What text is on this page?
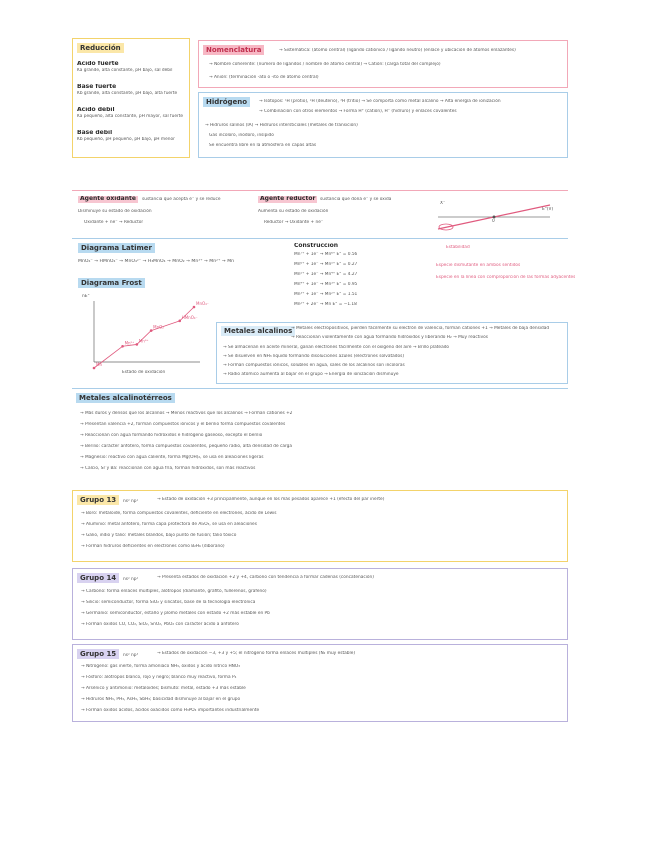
Reducción
Ácido fuerte
Ka grande, alta constante, pH bajo, sal débil
Base fuerte
Kb grande, alta constante, pH bajo, alta fuerte
Ácido débil
Ka pequeño, alta constante, pH mayor, sal fuerte
Base débil
Kb pequeño, pH pequeño, pH bajo, pH menor
Nomenclatura	→ Sistemática: (átomo central) (ligando catiónico / ligando neutro) (enlace y ubicación de átomos enlazantes)
→ Nombre coherente: (número de ligandos / nombre de átomo central) → Catión: (carga total del complejo)
→ Anión: (terminación -ato o -ito de átomo central)
Hidrógeno	→ Isótopos: ¹H (protio), ²H (deuterio), ³H (tritio) → Se comporta como metal alcalino → Alta energía de ionización
→ Combinación con otros elementos → Forma H⁺ (catión), H⁻ (hidruro) y enlaces covalentes
→ Hidruros salinos (IA) → Hidruros intersticiales (metales de transición)
Gas incoloro, inodoro, insípido
Se encuentra libre en la atmósfera en capas altas
Agente oxidante	sustancia que acepta e⁻ y se reduce
Disminuye su estado de oxidación
Oxidante + ne⁻ → Reductor
Agente reductor	sustancia que dona e⁻ y se oxida
Aumenta su estado de oxidación
Reductor → Oxidante + ne⁻
X⁻
0
E°(V)
Diagrama Latimer
MnO₄⁻ → HMnO₄⁻ → MnO₄²⁻ → H₃MnO₄ → MnO₂ → Mn³⁺ → Mn²⁺ → Mn
Construcción
Mn⁷⁺ + 1e⁻ → Mn⁶⁺ E° = 0.56
Mn⁶⁺ + 1e⁻ → Mn⁵⁺ E° = 0.27
Mn⁵⁺ + 1e⁻ → Mn⁴⁺ E° = 4.27
Mn⁴⁺ + 1e⁻ → Mn³⁺ E° = 0.95
Mn³⁺ + 1e⁻ → Mn²⁺ E° = 1.51
Mn²⁺ + 2e⁻ → Mn E° = −1.18
Estabilidad
Especie dismutante en ambos sentidos
Especie en la línea con comproporción de las formas adyacentes
Diagrama Frost
MnO₄⁻
HMnO₄⁻
MnO₂
Mn³⁺
Mn²⁺
Mn
nE°
Estado de oxidación
Metales alcalinos
→ Metales electropositivos, pierden fácilmente su electrón de valencia, forman cationes +1 → Metales de baja densidad
→ Reaccionan violentamente con agua formando hidróxidos y liberando H₂ → Muy reactivos
→ Se almacenan en aceite mineral, ganan electrones fácilmente con el oxígeno del aire → Brillo plateado
→ Se disuelven en NH₃ líquido formando disoluciones azules (electrones solvatados)
→ Forman compuestos iónicos, solubles en agua, sales de los alcalinos son incoloras
→ Radio atómico aumenta al bajar en el grupo → Energía de ionización disminuye
Metales alcalinotérreos
→ Más duros y densos que los alcalinos → Menos reactivos que los alcalinos → Forman cationes +2
→ Presentan valencia +2, forman compuestos iónicos y el berilio forma compuestos covalentes
→ Reaccionan con agua formando hidróxidos e hidrógeno gaseoso, excepto el berilio
→ Berilio: carácter anfótero, forma compuestos covalentes, pequeño radio, alta densidad de carga
→ Magnesio: reactivo con agua caliente, forma Mg(OH)₂, se usa en aleaciones ligeras
→ Calcio, Sr y Ba: reaccionan con agua fría, forman hidróxidos, son más reactivos
Grupo 13	ns² np¹	→ Estado de oxidación +3 principalmente, aunque en los más pesados aparece +1 (efecto del par inerte)
→ Boro: metaloide, forma compuestos covalentes, deficiente en electrones, ácido de Lewis
→ Aluminio: metal anfótero, forma capa protectora de Al₂O₃, se usa en aleaciones
→ Galio, indio y talio: metales blandos, bajo punto de fusión; talio tóxico
→ Forman hidruros deficientes en electrones como B₂H₆ (diborano)
Grupo 14	ns² np²	→ Presenta estados de oxidación +2 y +4, carbono con tendencia a formar cadenas (concatenación)
→ Carbono: forma enlaces múltiples, alótropos (diamante, grafito, fullerenos, grafeno)
→ Silicio: semiconductor, forma SiO₂ y silicatos, base de la tecnología electrónica
→ Germanio: semiconductor, estaño y plomo metales con estado +2 más estable en Pb
→ Forman óxidos CO, CO₂, SiO₂, SnO₂, PbO₂ con carácter ácido a anfótero
Grupo 15	ns² np³	→ Estados de oxidación −3, +3 y +5; el nitrógeno forma enlaces múltiples (N₂ muy estable)
→ Nitrógeno: gas inerte, forma amoníaco NH₃, óxidos y ácido nítrico HNO₃
→ Fósforo: alótropos blanco, rojo y negro; blanco muy reactivo, forma P₄
→ Arsénico y antimonio: metaloides; bismuto: metal, estado +3 más estable
→ Hidruros NH₃, PH₃, AsH₃, SbH₃; basicidad disminuye al bajar en el grupo
→ Forman óxidos ácidos, ácidos oxácidos como H₃PO₄ importantes industrialmente
